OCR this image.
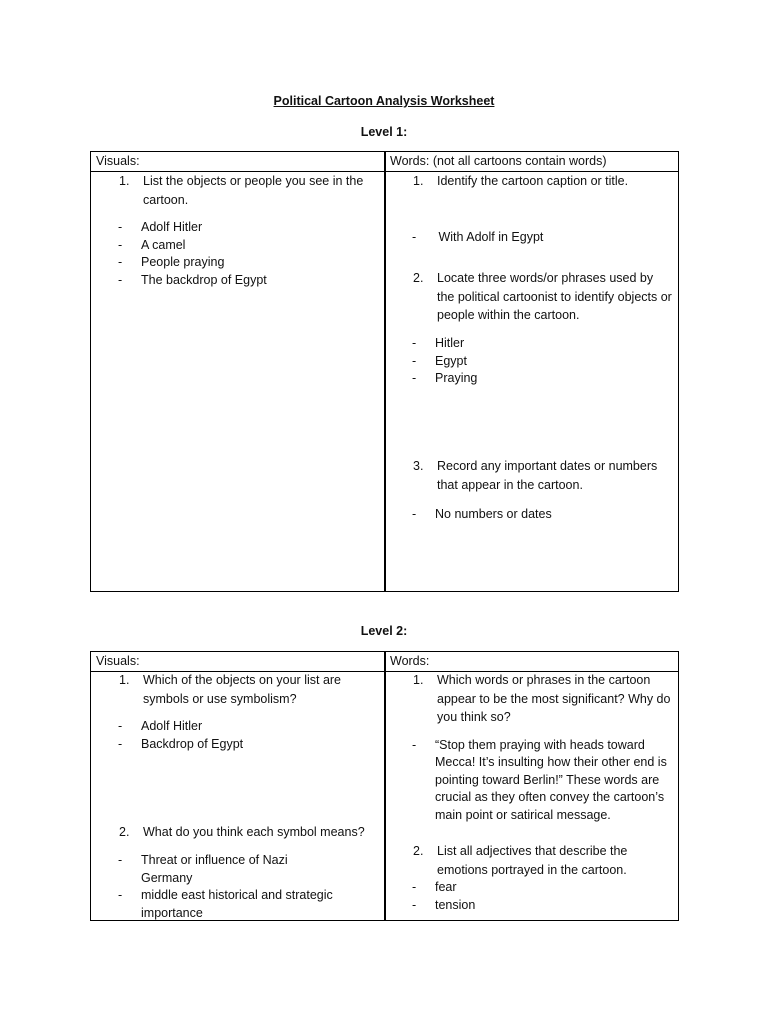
Political Cartoon Analysis Worksheet
Level 1:
Visuals:	Words: (not all cartoons contain words)
1. List the objects or people you see in the cartoon.
- Adolf Hitler
- A camel
- People praying
- The backdrop of Egypt
1. Identify the cartoon caption or title.

-  With Adolf in Egypt

2. Locate three words/or phrases used by the political cartoonist to identify objects or people within the cartoon.
- Hitler
- Egypt
- Praying
3. Record any important dates or numbers that appear in the cartoon.
- No numbers or dates
Level 2:
Visuals:	Words:
1. Which of the objects on your list are symbols or use symbolism?
- Adolf Hitler
- Backdrop of Egypt
2. What do you think each symbol means?
- Threat or influence of Nazi Germany
- middle east historical and strategic importance
1. Which words or phrases in the cartoon appear to be the most significant? Why do you think so?
- “Stop them praying with heads toward Mecca! It’s insulting how their other end is pointing toward Berlin!” These words are crucial as they often convey the cartoon’s main point or satirical message.
2. List all adjectives that describe the emotions portrayed in the cartoon.
- fear
- tension
